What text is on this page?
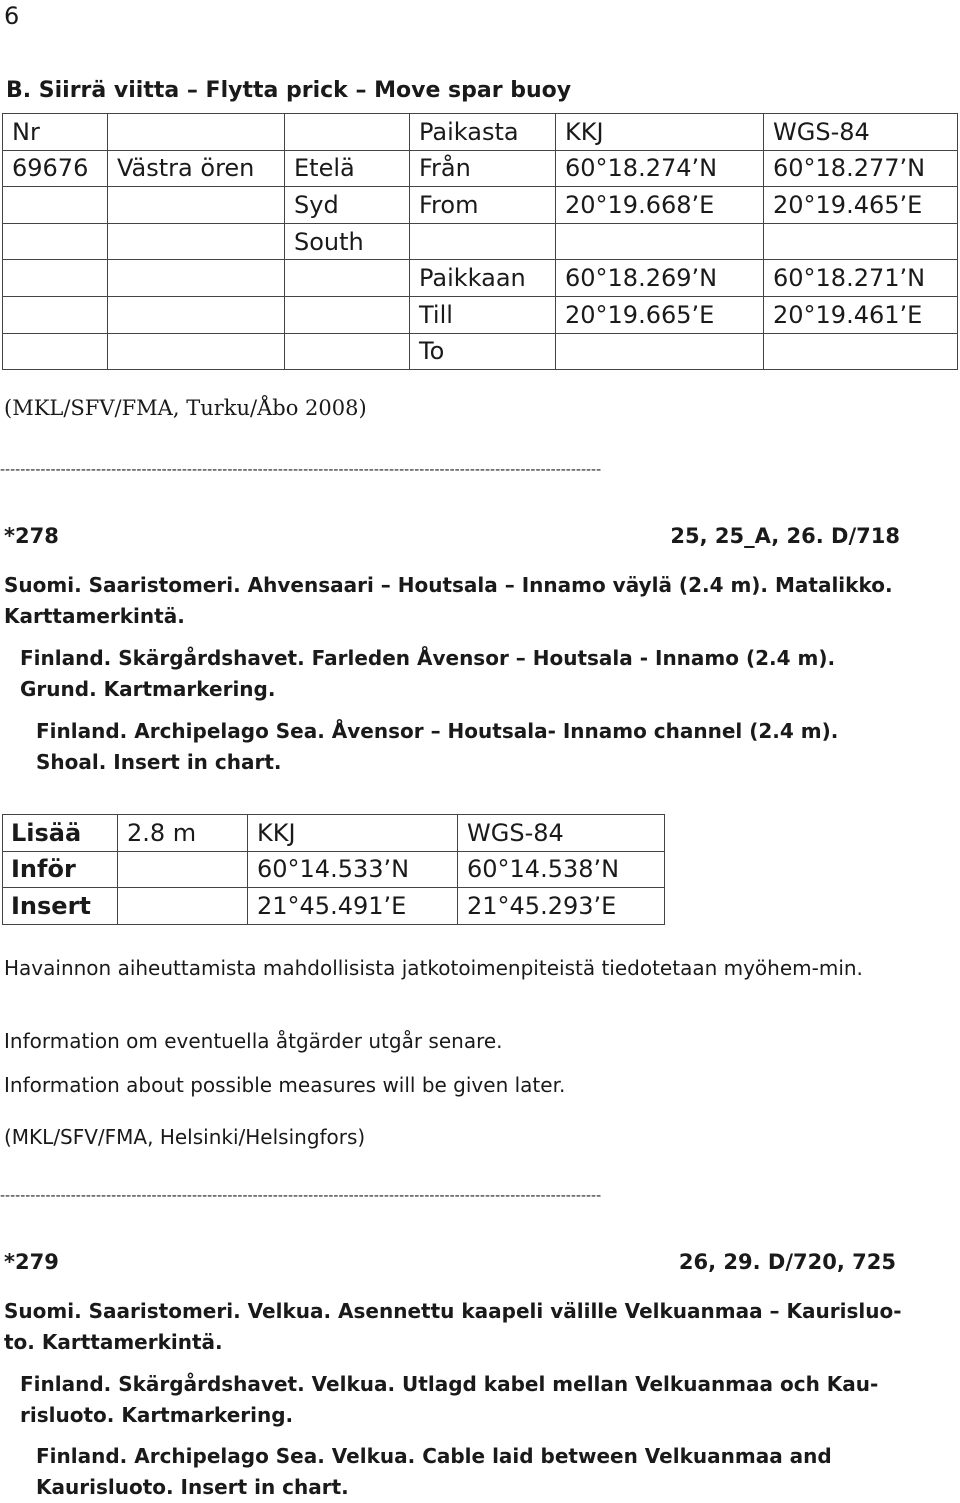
6
B. Siirrä viitta – Flytta prick – Move spar buoy
Nr			Paikasta	KKJ	WGS-84
69676	Västra ören	Etelä	Från	60°18.274’N	60°18.277’N
		Syd	From	20°19.668’E	20°19.465’E
		South			
			Paikkaan	60°18.269’N	60°18.271’N
			Till	20°19.665’E	20°19.461’E
			To		
(MKL/SFV/FMA, Turku/Åbo 2008)
-----------------------------------------------------------------------------------------------------------------------
*278	25, 25_A, 26. D/718
Suomi. Saaristomeri. Ahvensaari – Houtsala – Innamo väylä (2.4 m). Matalikko. Karttamerkintä.
Finland. Skärgårdshavet. Farleden Åvensor – Houtsala - Innamo (2.4 m). Grund. Kartmarkering.
Finland. Archipelago Sea. Åvensor – Houtsala- Innamo channel (2.4 m). Shoal. Insert in chart.
Lisää	2.8 m	KKJ	WGS-84
Inför		60°14.533’N	60°14.538’N
Insert		21°45.491’E	21°45.293’E
Havainnon aiheuttamista mahdollisista jatkotoimenpiteistä tiedotetaan myöhem-min.
Information om eventuella åtgärder utgår senare.
Information about possible measures will be given later.
(MKL/SFV/FMA, Helsinki/Helsingfors)
-----------------------------------------------------------------------------------------------------------------------
*279	26, 29. D/720, 725
Suomi. Saaristomeri. Velkua. Asennettu kaapeli välille Velkuanmaa – Kaurisluo-to. Karttamerkintä.
Finland. Skärgårdshavet. Velkua. Utlagd kabel mellan Velkuanmaa och Kau-risluoto. Kartmarkering.
Finland. Archipelago Sea. Velkua. Cable laid between Velkuanmaa and Kaurisluoto. Insert in chart.
